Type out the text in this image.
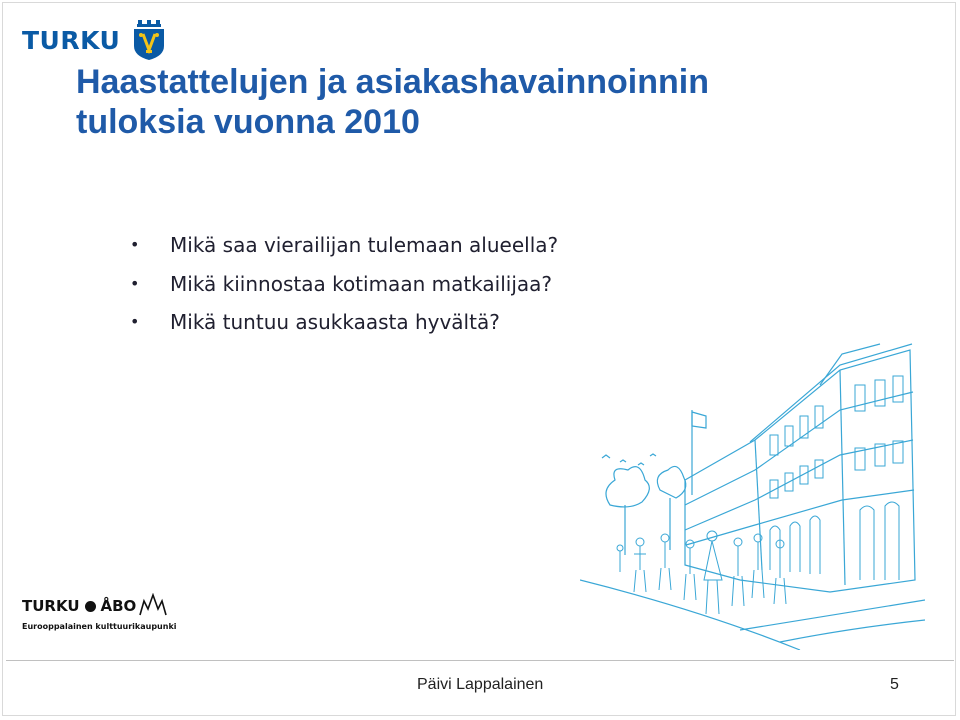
TURKU
Haastattelujen ja asiakashavainnoinnin
tuloksia vuonna 2010
• Mikä saa vierailijan tulemaan alueella?
• Mikä kiinnostaa kotimaan matkailijaa?
• Mikä tuntuu asukkaasta hyvältä?
TURKU ÅBO
Eurooppalainen kulttuurikaupunki
Päivi Lappalainen	5
